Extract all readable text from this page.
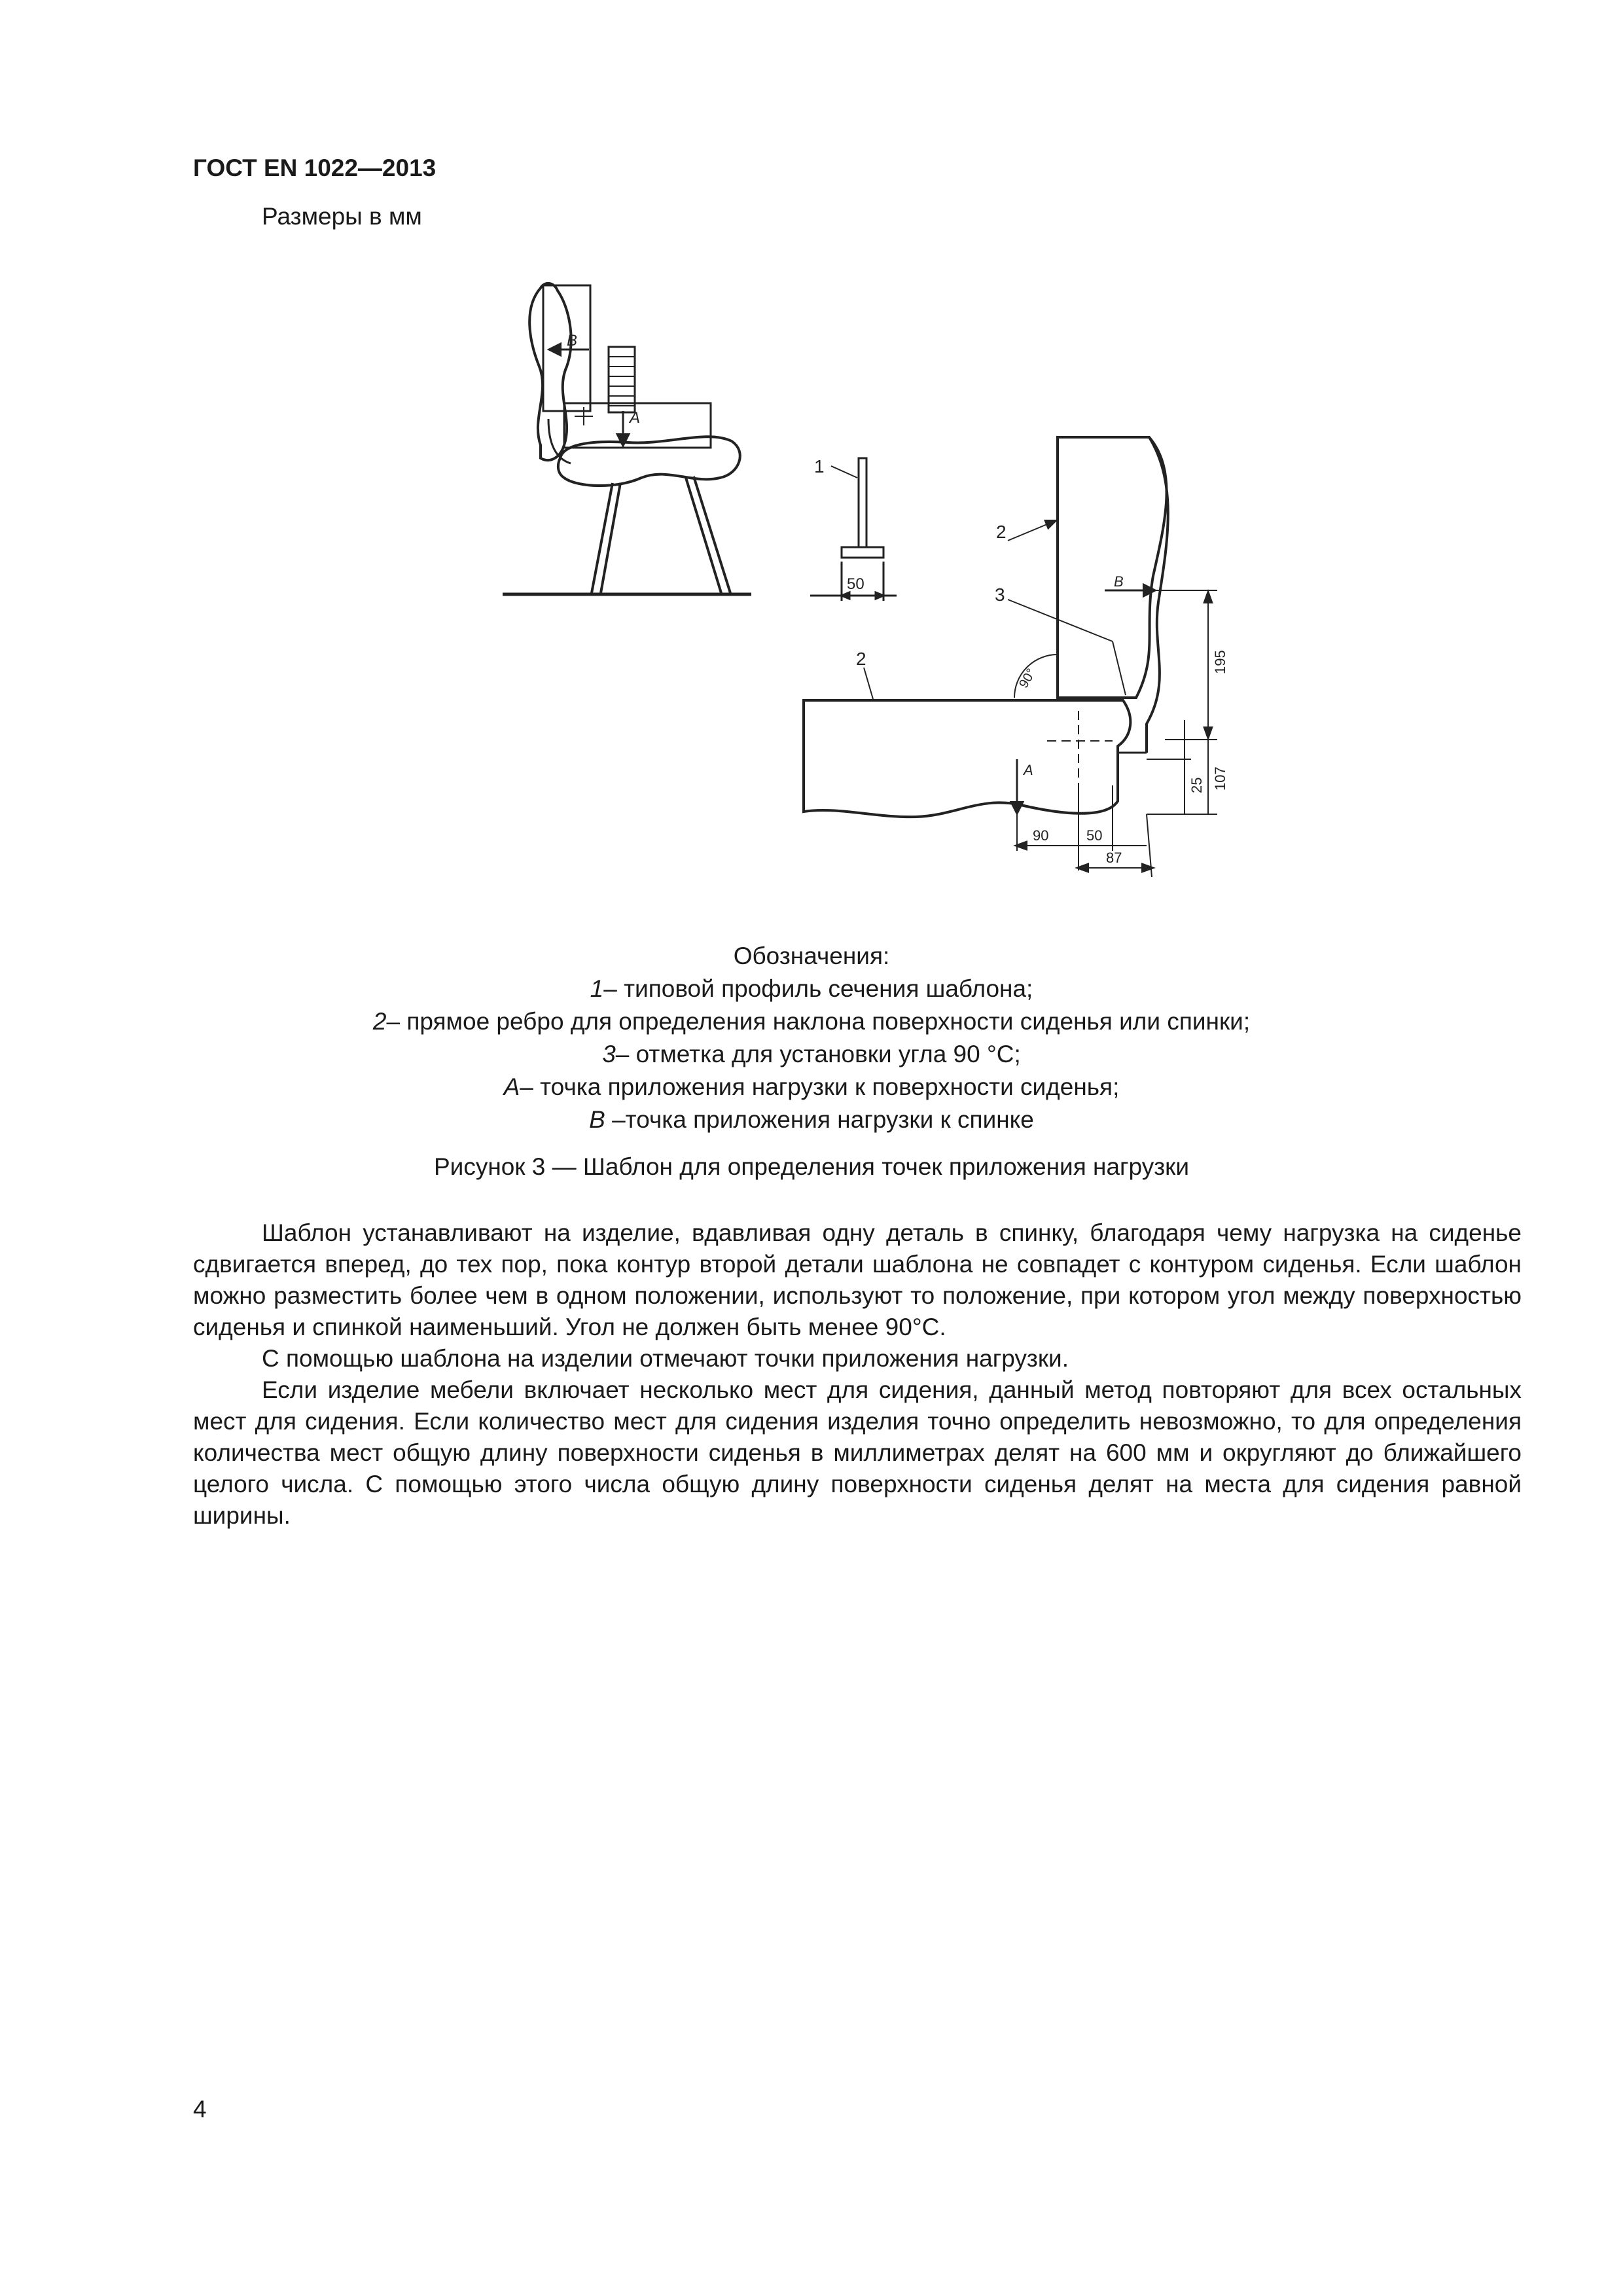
ГОСТ EN 1022—2013
Размеры в мм
B
A
1
50
2
3
2
B
A
90°
195
107
25
90	50
87
Обозначения:
1– типовой профиль сечения шаблона;
2– прямое ребро для определения наклона поверхности сиденья или спинки;
3– отметка для установки угла 90 °С;
А– точка приложения нагрузки к поверхности сиденья;
В –точка приложения нагрузки к спинке
Рисунок 3 — Шаблон для определения точек приложения нагрузки

Шаблон устанавливают на изделие, вдавливая одну деталь в спинку, благодаря чему нагрузка на сиденье сдвигается вперед, до тех пор, пока контур второй детали шаблона не совпадет с контуром сиденья. Если шаблон можно разместить более чем в одном положении, используют то положение, при котором угол между поверхностью сиденья и спинкой наименьший. Угол не должен быть менее 90°С.

С помощью шаблона на изделии отмечают точки приложения нагрузки.

Если изделие мебели включает несколько мест для сидения, данный метод повторяют для всех остальных мест для сидения. Если количество мест для сидения изделия точно определить невозможно, то для определения количества мест общую длину поверхности сиденья в миллиметрах делят на 600 мм и округляют до ближайшего целого числа. С помощью этого числа общую длину поверхности сиденья делят на места для сидения равной ширины.

4
